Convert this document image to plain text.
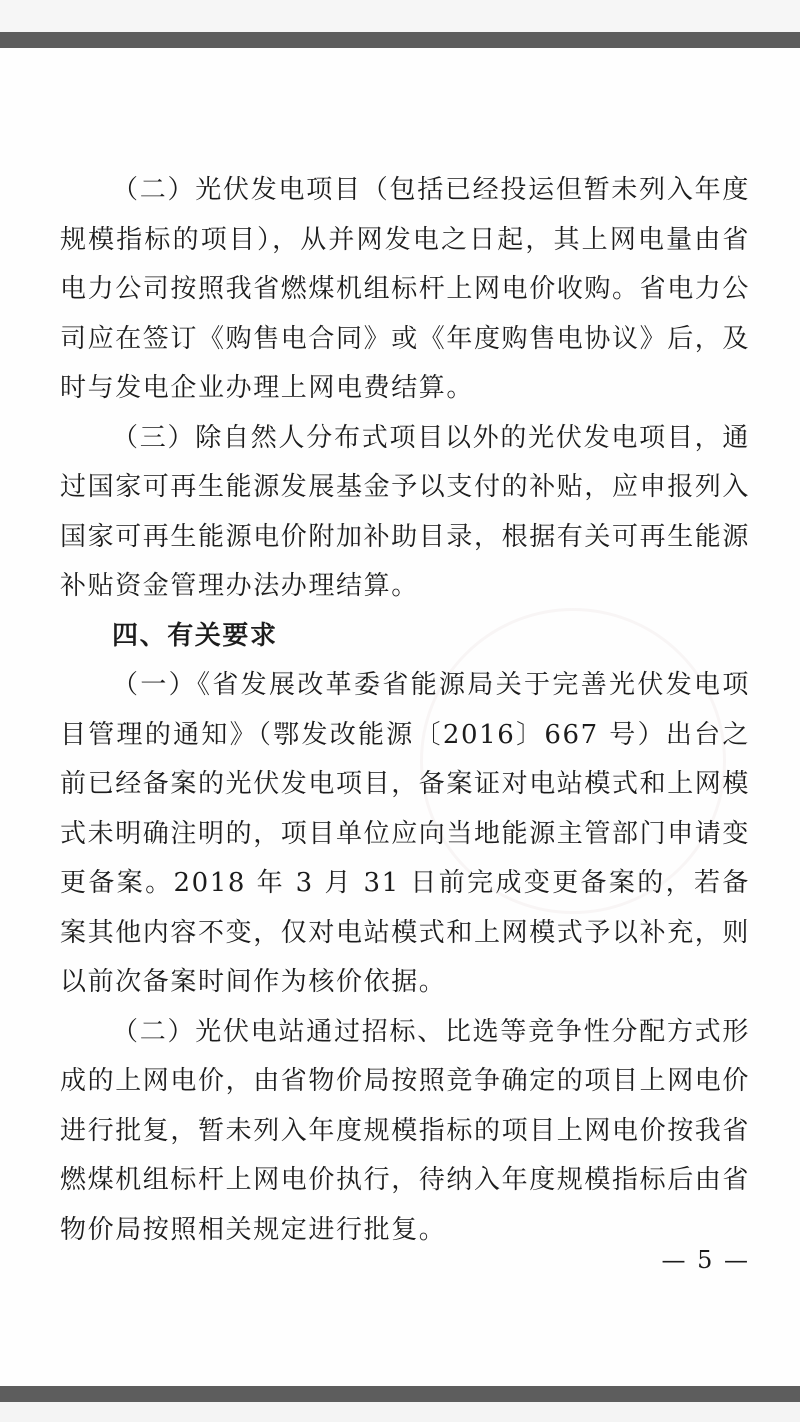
（二）光伏发电项目（包括已经投运但暂未列入年度规模指标的项目），从并网发电之日起，其上网电量由省电力公司按照我省燃煤机组标杆上网电价收购。省电力公司应在签订《购售电合同》或《年度购售电协议》后，及时与发电企业办理上网电费结算。

（三）除自然人分布式项目以外的光伏发电项目，通过国家可再生能源发展基金予以支付的补贴，应申报列入国家可再生能源电价附加补助目录，根据有关可再生能源补贴资金管理办法办理结算。

四、有关要求

（一）《省发展改革委省能源局关于完善光伏发电项目管理的通知》（鄂发改能源〔2016〕667 号）出台之前已经备案的光伏发电项目，备案证对电站模式和上网模式未明确注明的，项目单位应向当地能源主管部门申请变更备案。2018 年 3 月 31 日前完成变更备案的，若备案其他内容不变，仅对电站模式和上网模式予以补充，则以前次备案时间作为核价依据。

（二）光伏电站通过招标、比选等竞争性分配方式形成的上网电价，由省物价局按照竞争确定的项目上网电价进行批复，暂未列入年度规模指标的项目上网电价按我省燃煤机组标杆上网电价执行，待纳入年度规模指标后由省物价局按照相关规定进行批复。

— 5 —
